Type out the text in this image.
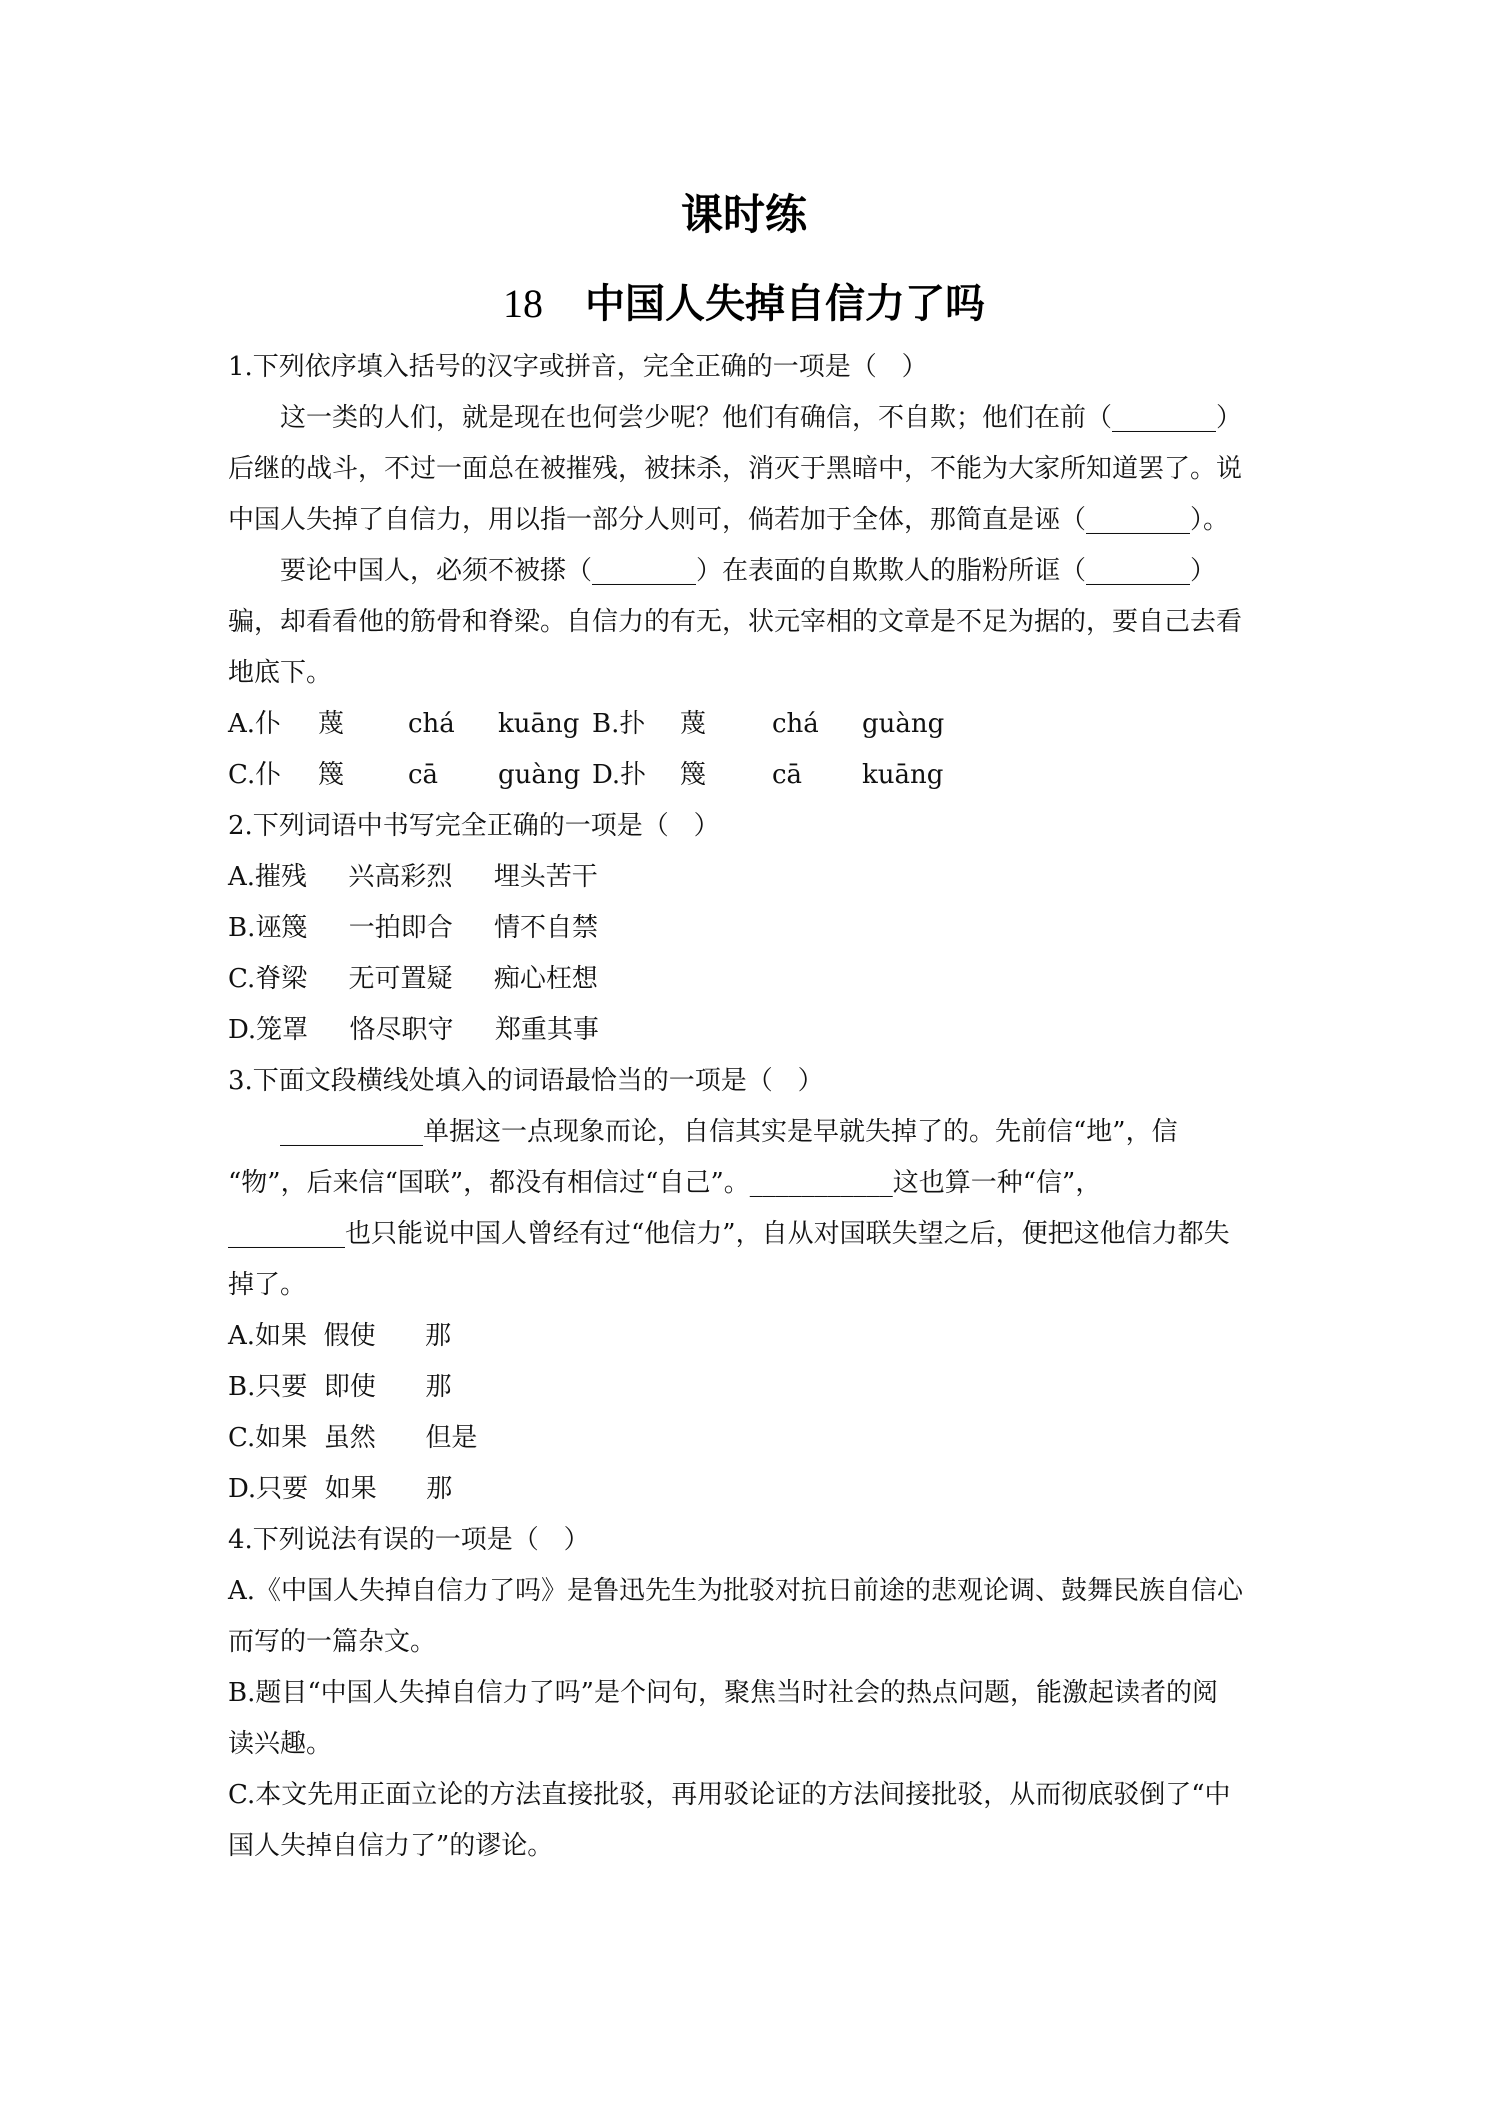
课时练
18 中国人失掉自信力了吗
1.下列依序填入括号的汉字或拼音，完全正确的一项是（   ）
这一类的人们，就是现在也何尝少呢？他们有确信，不自欺；他们在前（________）
后继的战斗，不过一面总在被摧残，被抹杀，消灭于黑暗中，不能为大家所知道罢了。说
中国人失掉了自信力，用以指一部分人则可，倘若加于全体，那简直是诬（________）。
要论中国人，必须不被搽（________）在表面的自欺欺人的脂粉所诓（________）
骗，却看看他的筋骨和脊梁。自信力的有无，状元宰相的文章是不足为据的，要自己去看
地底下。
A.仆 蔑 chá kuāng B.扑 蔑	chá guàng
C.仆 篾 cā guàng D.扑 篾	cā kuāng
2.下列词语中书写完全正确的一项是（   ）
A.摧残     兴高彩烈     埋头苦干
B.诬篾     一拍即合     情不自禁
C.脊梁     无可置疑     痴心枉想
D.笼罩     恪尽职守     郑重其事
3.下面文段横线处填入的词语最恰当的一项是（   ）
___________单据这一点现象而论，自信其实是早就失掉了的。先前信“地”，信
“物”，后来信“国联”，都没有相信过“自己”。___________这也算一种“信”，
_________也只能说中国人曾经有过“他信力”，自从对国联失望之后，便把这他信力都失
掉了。
A.如果  假使      那
B.只要  即使      那
C.如果  虽然      但是
D.只要  如果      那
4.下列说法有误的一项是（   ）
A.《中国人失掉自信力了吗》是鲁迅先生为批驳对抗日前途的悲观论调、鼓舞民族自信心
而写的一篇杂文。
B.题目“中国人失掉自信力了吗”是个问句，聚焦当时社会的热点问题，能激起读者的阅
读兴趣。
C.本文先用正面立论的方法直接批驳，再用驳论证的方法间接批驳，从而彻底驳倒了“中
国人失掉自信力了”的谬论。
